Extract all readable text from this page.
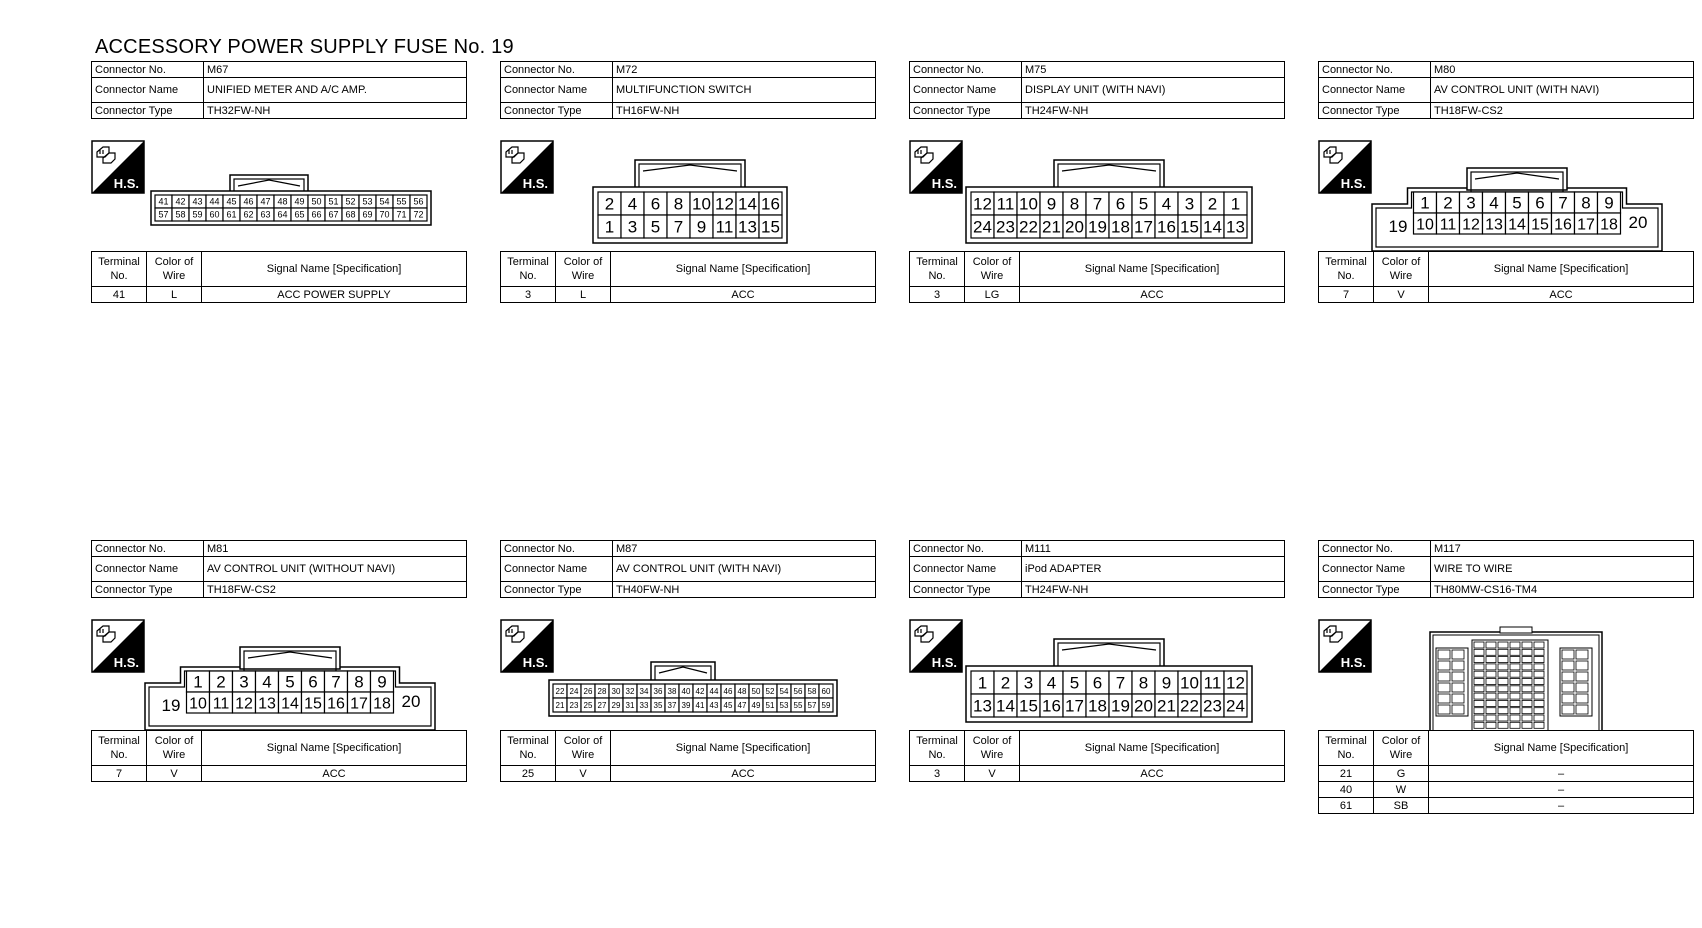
ACCESSORY POWER SUPPLY FUSE No. 19
41 42 43 44 45 46 47 48 49 50 51 52 53 54 55 56
57 58 59 60 61 62 63 64 65 66 67 68 69 70 71 72
Connector No.	M67
Connector Name	UNIFIED METER AND A/C AMP.
Connector Type	TH32FW-NH
H.S.
Terminal No.	Color of Wire	Signal Name [Specification]
41	L	ACC POWER SUPPLY
2 4 6 8 10 12 14 16
1 3 5 7 9 11 13 15
Connector No.	M72
Connector Name	MULTIFUNCTION SWITCH
Connector Type	TH16FW-NH
H.S.
Terminal No.	Color of Wire	Signal Name [Specification]
3	L	ACC
12 11 10 9 8 7 6 5 4 3 2 1
24 23 22 21 20 19 18 17 16 15 14 13
Connector No.	M75
Connector Name	DISPLAY UNIT (WITH NAVI)
Connector Type	TH24FW-NH
H.S.
Terminal No.	Color of Wire	Signal Name [Specification]
3	LG	ACC
1 2 3 4 5 6 7 8 9
10 11 12 13 14 15 16 17 18
19	20
Connector No.	M80
Connector Name	AV CONTROL UNIT (WITH NAVI)
Connector Type	TH18FW-CS2
H.S.
Terminal No.	Color of Wire	Signal Name [Specification]
7	V	ACC
1 2 3 4 5 6 7 8 9
10 11 12 13 14 15 16 17 18
19	20
Connector No.	M81
Connector Name	AV CONTROL UNIT (WITHOUT NAVI)
Connector Type	TH18FW-CS2
H.S.
Terminal No.	Color of Wire	Signal Name [Specification]
7	V	ACC
22 24 26 28 30 32 34 36 38 40 42 44 46 48 50 52 54 56 58 60
21 23 25 27 29 31 33 35 37 39 41 43 45 47 49 51 53 55 57 59
Connector No.	M87
Connector Name	AV CONTROL UNIT (WITH NAVI)
Connector Type	TH40FW-NH
H.S.
Terminal No.	Color of Wire	Signal Name [Specification]
25	V	ACC
1 2 3 4 5 6 7 8 9 10 11 12
13 14 15 16 17 18 19 20 21 22 23 24
Connector No.	M111
Connector Name	iPod ADAPTER
Connector Type	TH24FW-NH
H.S.
Terminal No.	Color of Wire	Signal Name [Specification]
3	V	ACC
Connector No.	M117
Connector Name	WIRE TO WIRE
Connector Type	TH80MW-CS16-TM4
H.S.
Terminal No.	Color of Wire	Signal Name [Specification]
21	G	–
40	W	–
61	SB	–
